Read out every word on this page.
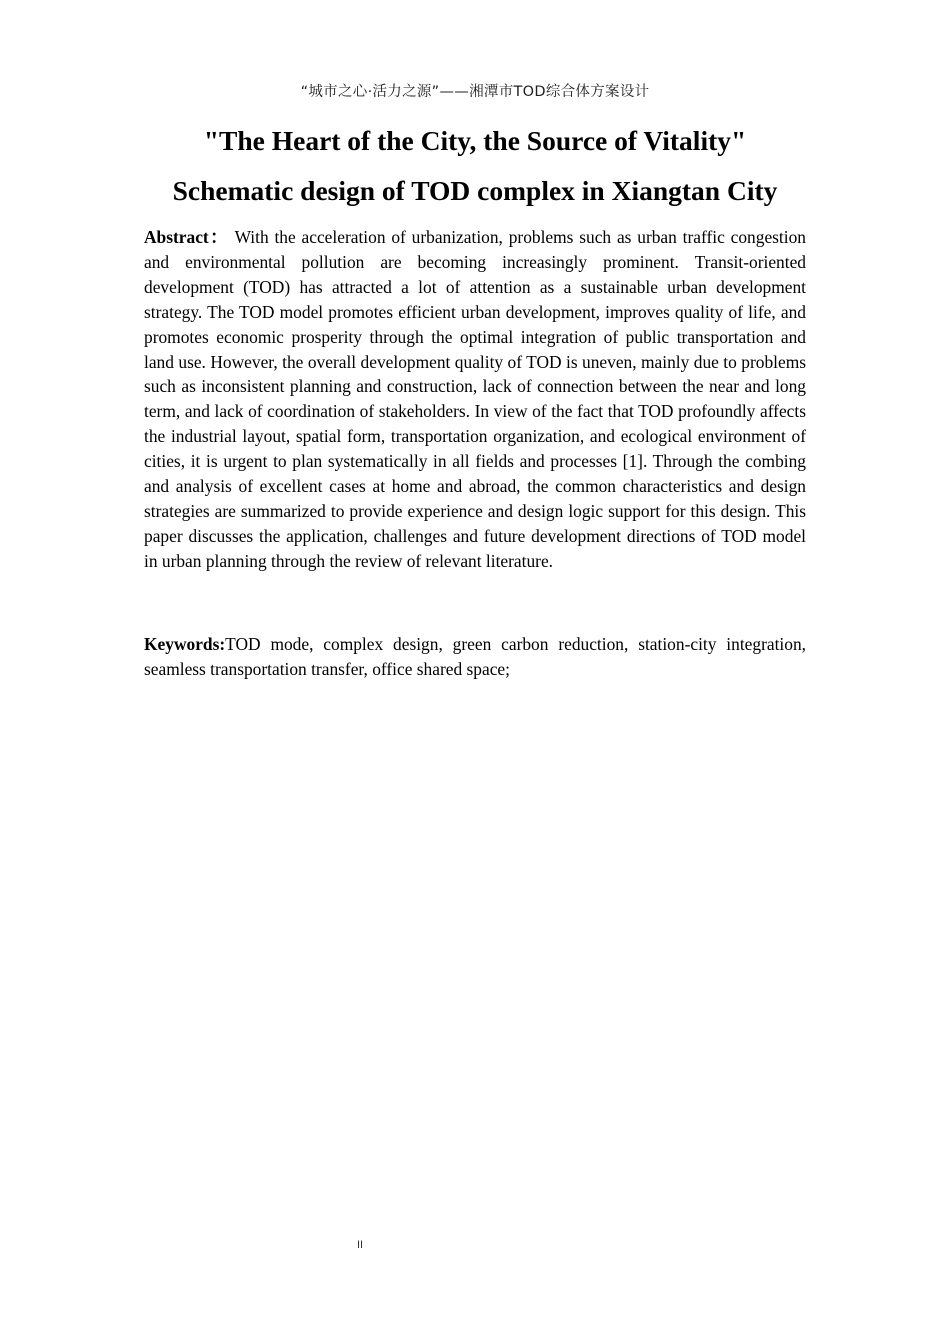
“城市之心·活力之源”——湘潭市TOD综合体方案设计
"The Heart of the City, the Source of Vitality"
Schematic design of TOD complex in Xiangtan City

Abstract： With the acceleration of urbanization, problems such as urban traffic congestion and environmental pollution are becoming increasingly prominent. Transit-oriented development (TOD) has attracted a lot of attention as a sustainable urban development strategy. The TOD model promotes efficient urban development, improves quality of life, and promotes economic prosperity through the optimal integration of public transportation and land use. However, the overall development quality of TOD is uneven, mainly due to problems such as inconsistent planning and construction, lack of connection between the near and long term, and lack of coordination of stakeholders. In view of the fact that TOD profoundly affects the industrial layout, spatial form, transportation organization, and ecological environment of cities, it is urgent to plan systematically in all fields and processes [1]. Through the combing and analysis of excellent cases at home and abroad, the common characteristics and design strategies are summarized to provide experience and design logic support for this design. This paper discusses the application, challenges and future development directions of TOD model in urban planning through the review of relevant literature.

Keywords:TOD mode, complex design, green carbon reduction, station-city integration, seamless transportation transfer, office shared space;

II
